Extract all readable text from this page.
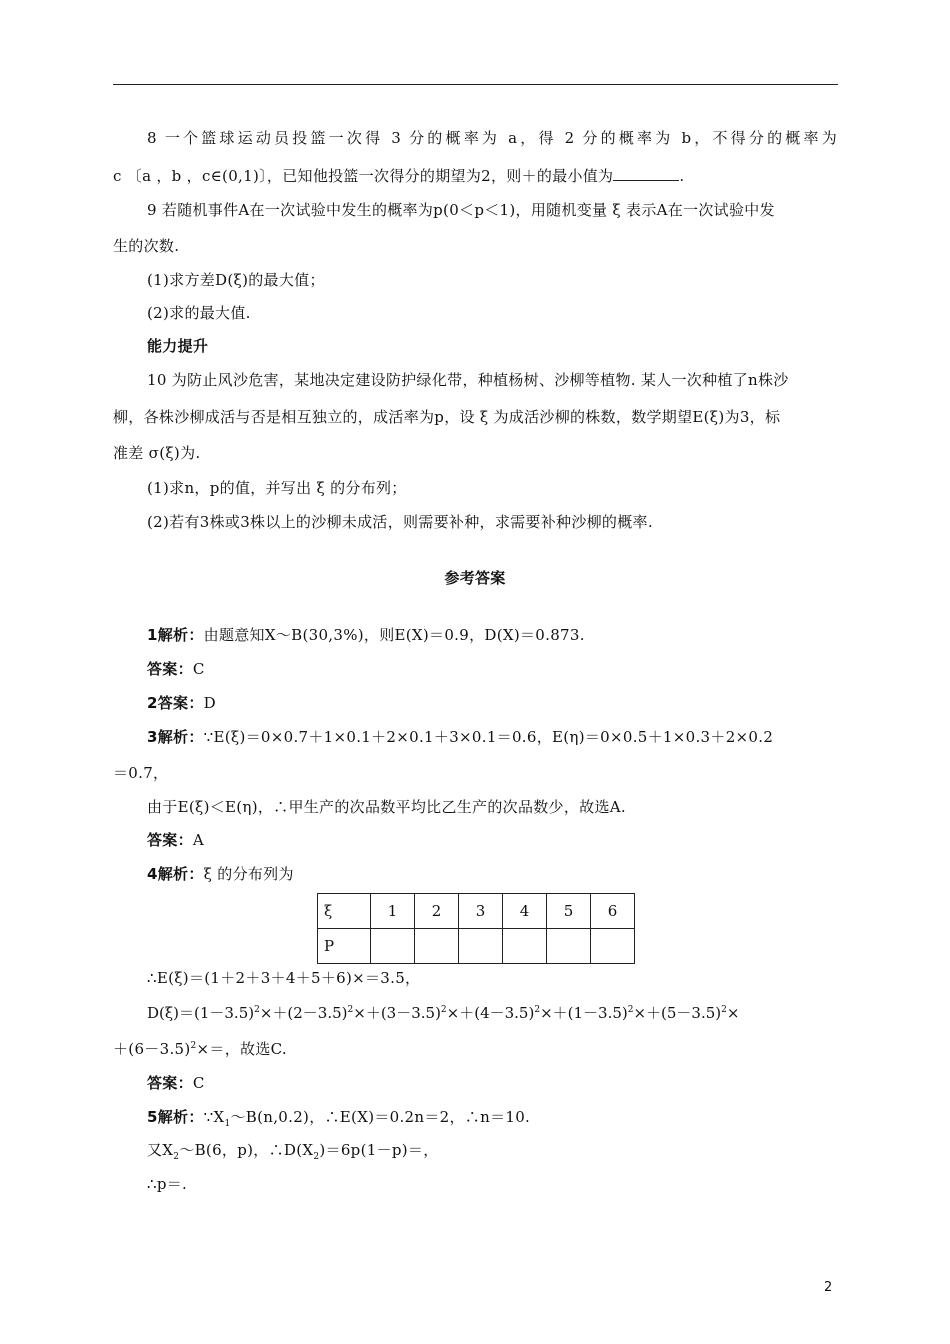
8 一个篮球运动员投篮一次得 3 分的概率为 a，得 2 分的概率为 b，不得分的概率为
c 〔a ，b ，c∈(0,1)〕，已知他投篮一次得分的期望为2，则＋的最小值为	.
9 若随机事件A在一次试验中发生的概率为p(0＜p＜1)，用随机变量 ξ 表示A在一次试验中发
生的次数.
(1)求方差D(ξ)的最大值；
(2)求的最大值.
能力提升
10 为防止风沙危害，某地决定建设防护绿化带，种植杨树、沙柳等植物. 某人一次种植了n株沙
柳，各株沙柳成活与否是相互独立的，成活率为p，设 ξ 为成活沙柳的株数，数学期望E(ξ)为3，标
准差 σ(ξ)为.
(1)求n，p的值，并写出 ξ 的分布列；
(2)若有3株或3株以上的沙柳未成活，则需要补种，求需要补种沙柳的概率.
参考答案
1解析：由题意知X～B(30,3%)，则E(X)＝0.9，D(X)＝0.873.
答案：C
2答案：D
3解析：∵E(ξ)＝0×0.7＋1×0.1＋2×0.1＋3×0.1＝0.6，E(η)＝0×0.5＋1×0.3＋2×0.2
＝0.7，
由于E(ξ)＜E(η)，∴甲生产的次品数平均比乙生产的次品数少，故选A.
答案：A
4解析：ξ 的分布列为
ξ	1	2	3	4	5	6
P						
∴E(ξ)＝(1＋2＋3＋4＋5＋6)×＝3.5，
$D(\xi)=(1-3.5)^2\times+(2-3.5)^2\times+(3-3.5)^2\times+(4-3.5)^2\times+(1-3.5)^2\times+(5-3.5)^2\times$
$+(6-3.5)^2\times=$，故选C.
答案：C
5解析：$\because X_1\sim B(n,0.2)$，∴E(X)＝0.2n＝2，∴n＝10.
又$X_2\sim B(6$，p)，$\therefore D(X_2)=6p(1-p)=$，
∴p＝.
2
